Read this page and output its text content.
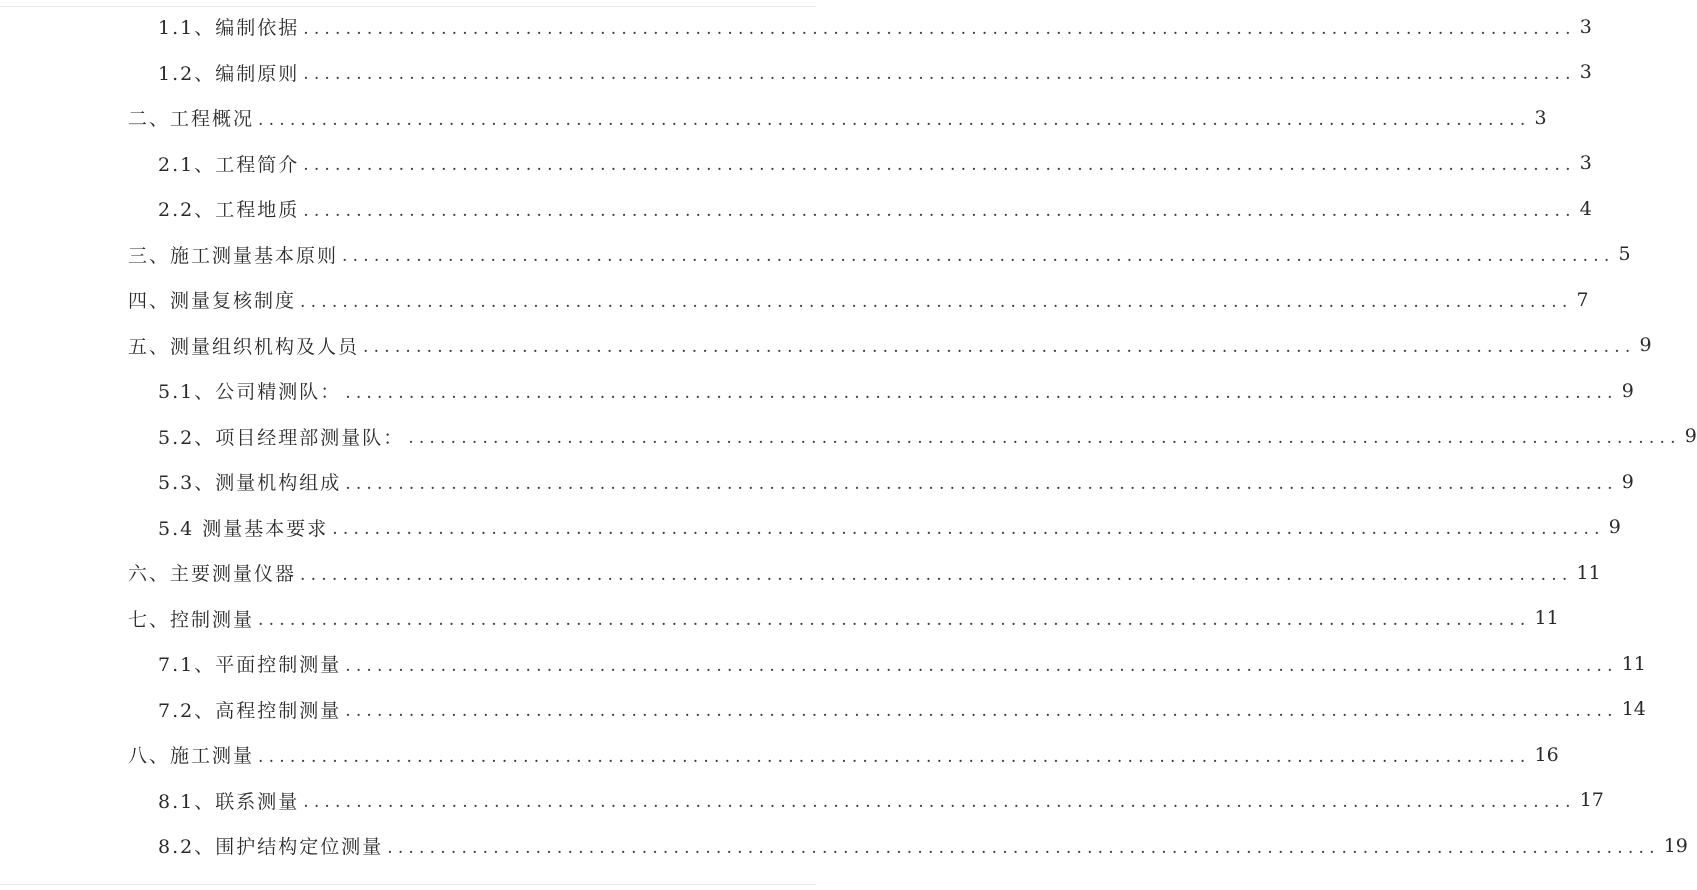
1.1、编制依据 ........................................................................................................................ 3
1.2、编制原则 ........................................................................................................................ 3
二、工程概况 ........................................................................................................................ 3
2.1、工程简介 ........................................................................................................................ 3
2.2、工程地质 ........................................................................................................................ 4
三、施工测量基本原则 ........................................................................................................................ 5
四、测量复核制度 ........................................................................................................................ 7
五、测量组织机构及人员 ........................................................................................................................ 9
5.1、公司精测队： ........................................................................................................................ 9
5.2、项目经理部测量队： ........................................................................................................................ 9
5.3、测量机构组成 ........................................................................................................................ 9
5.4 测量基本要求 ........................................................................................................................ 9
六、主要测量仪器 ........................................................................................................................ 11
七、控制测量 ........................................................................................................................ 11
7.1、平面控制测量 ........................................................................................................................ 11
7.2、高程控制测量 ........................................................................................................................ 14
八、施工测量 ........................................................................................................................ 16
8.1、联系测量 ........................................................................................................................ 17
8.2、围护结构定位测量 ........................................................................................................................ 19
